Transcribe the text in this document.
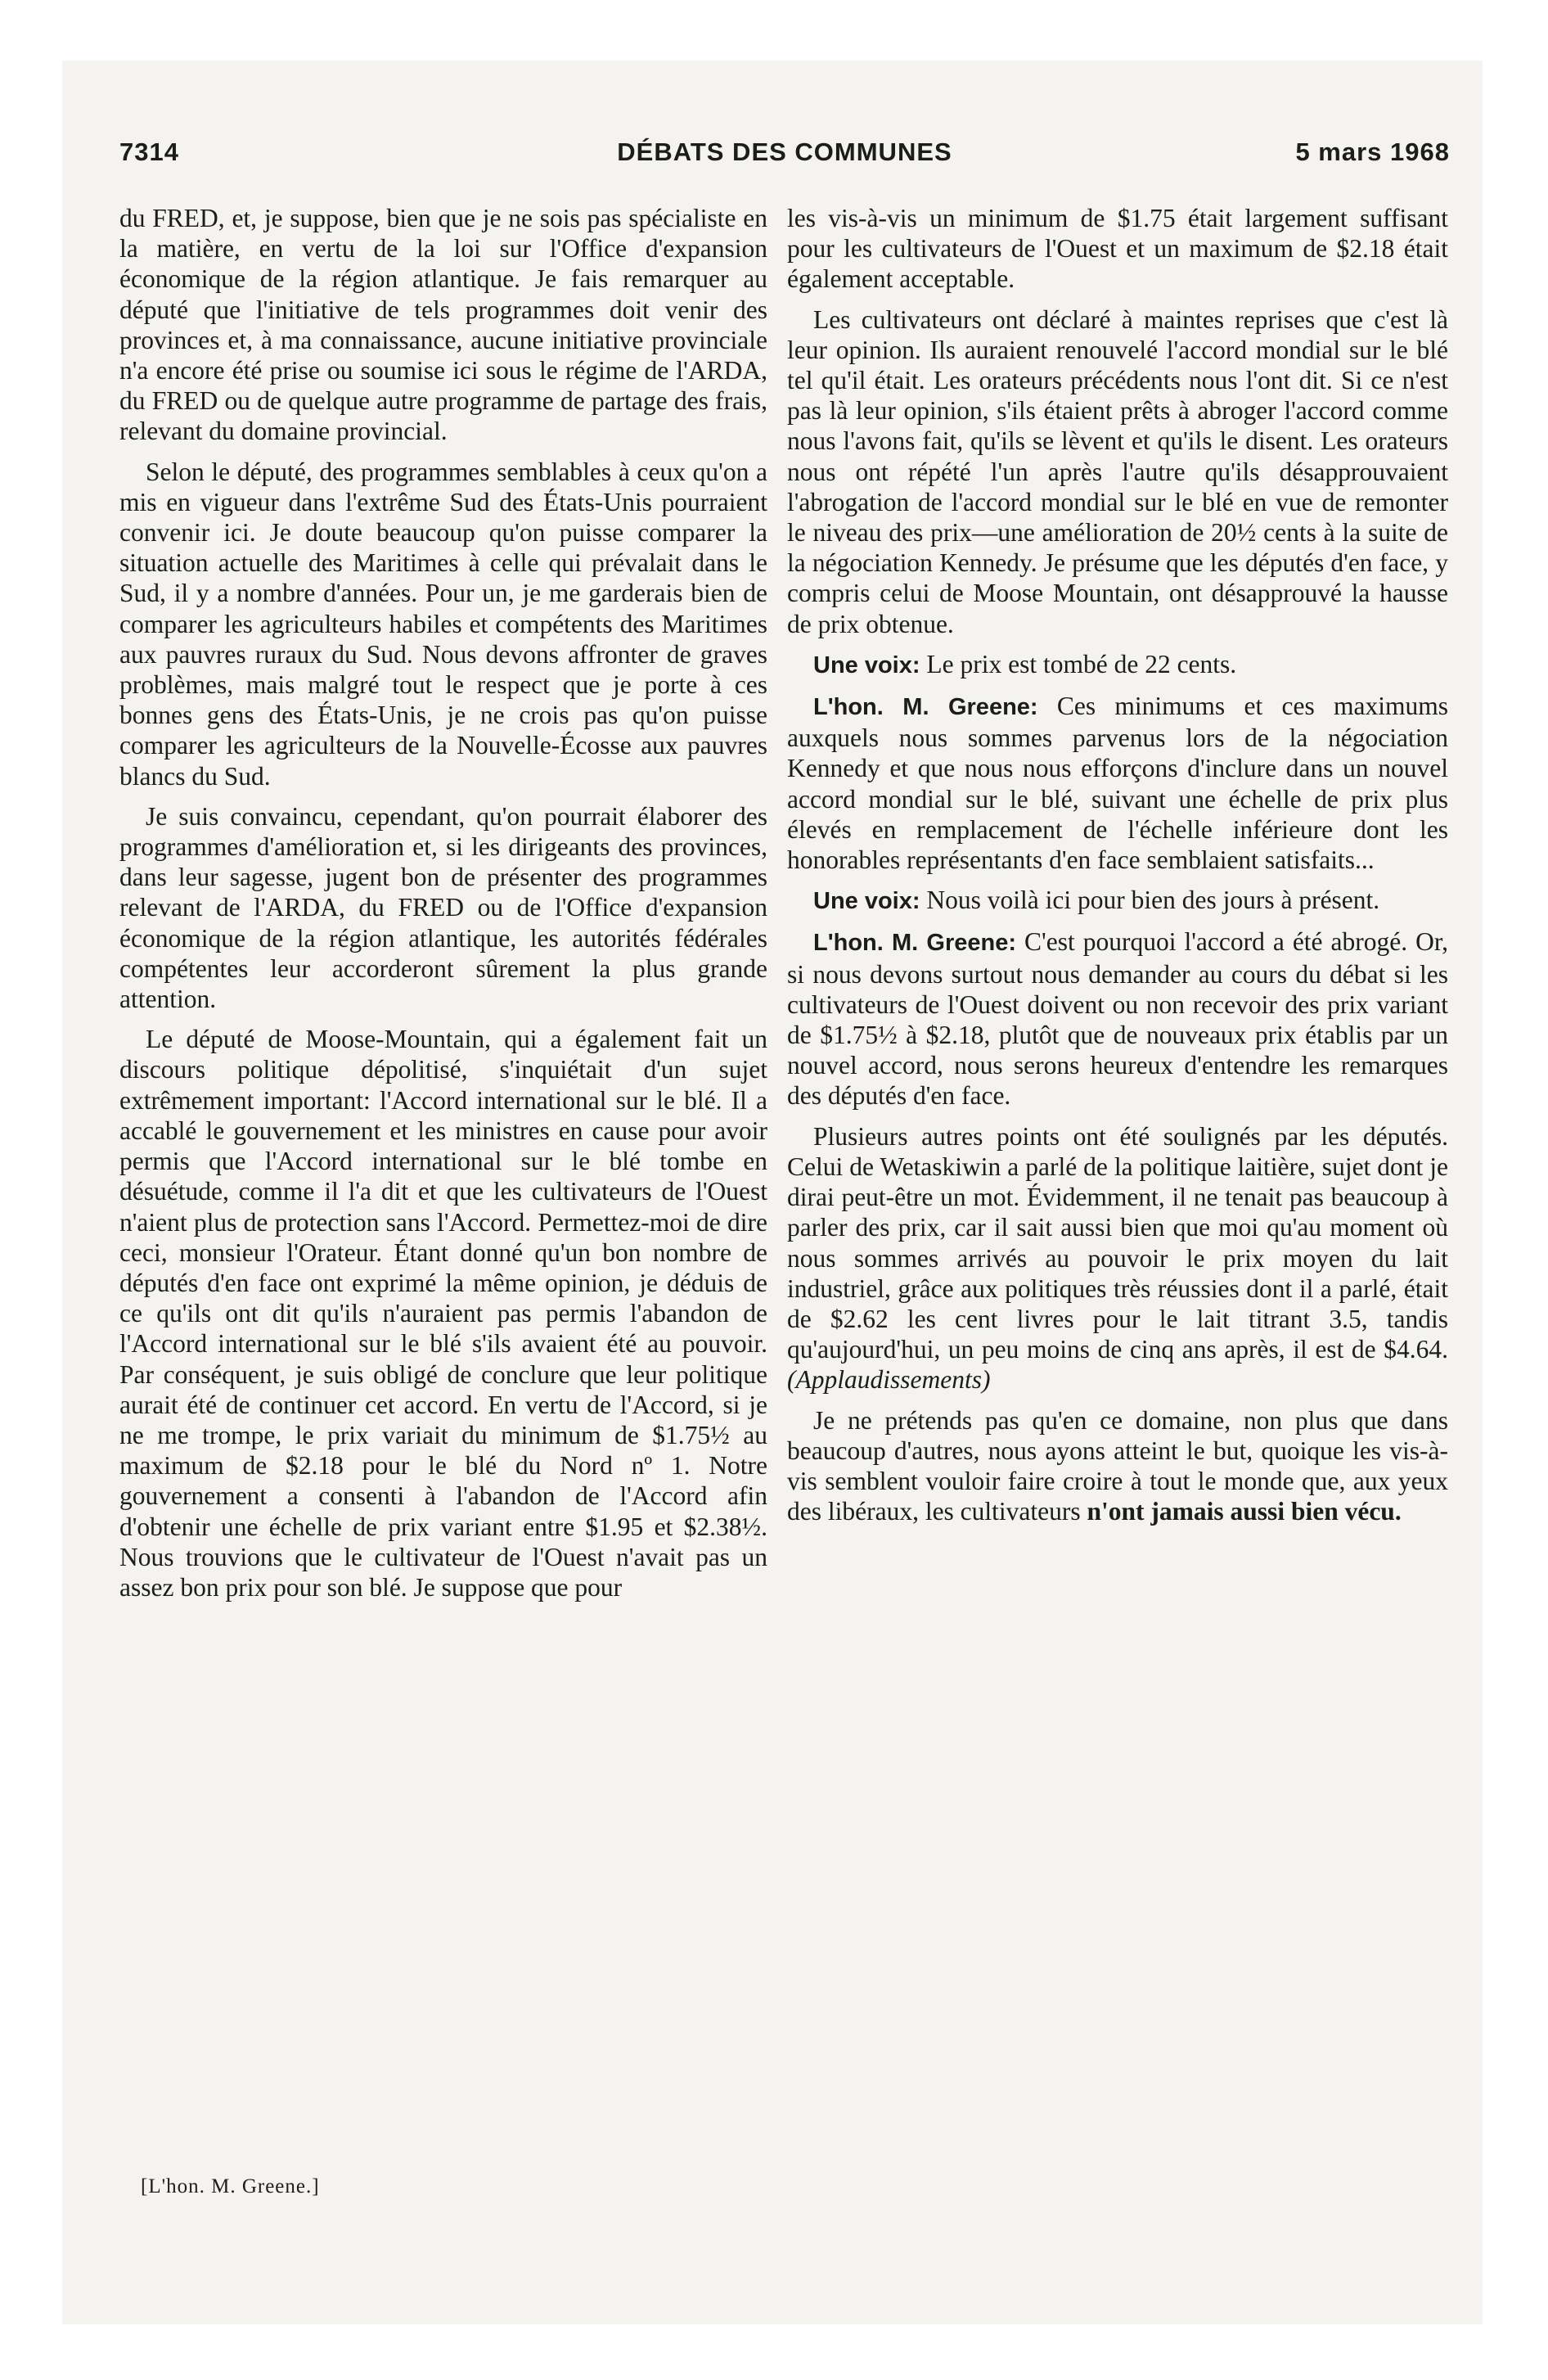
7314	DÉBATS DES COMMUNES	5 mars 1968

du FRED, et, je suppose, bien que je ne sois pas spécialiste en la matière, en vertu de la loi sur l'Office d'expansion économique de la région atlantique. Je fais remarquer au député que l'initiative de tels programmes doit venir des provinces et, à ma connaissance, aucune initiative provinciale n'a encore été prise ou soumise ici sous le régime de l'ARDA, du FRED ou de quelque autre programme de partage des frais, relevant du domaine provincial.

Selon le député, des programmes semblables à ceux qu'on a mis en vigueur dans l'extrême Sud des États-Unis pourraient convenir ici. Je doute beaucoup qu'on puisse comparer la situation actuelle des Maritimes à celle qui prévalait dans le Sud, il y a nombre d'années. Pour un, je me garderais bien de comparer les agriculteurs habiles et compétents des Maritimes aux pauvres ruraux du Sud. Nous devons affronter de graves problèmes, mais malgré tout le respect que je porte à ces bonnes gens des États-Unis, je ne crois pas qu'on puisse comparer les agriculteurs de la Nouvelle-Écosse aux pauvres blancs du Sud.

Je suis convaincu, cependant, qu'on pourrait élaborer des programmes d'amélioration et, si les dirigeants des provinces, dans leur sagesse, jugent bon de présenter des programmes relevant de l'ARDA, du FRED ou de l'Office d'expansion économique de la région atlantique, les autorités fédérales compétentes leur accorderont sûrement la plus grande attention.

Le député de Moose-Mountain, qui a également fait un discours politique dépolitisé, s'inquiétait d'un sujet extrêmement important: l'Accord international sur le blé. Il a accablé le gouvernement et les ministres en cause pour avoir permis que l'Accord international sur le blé tombe en désuétude, comme il l'a dit et que les cultivateurs de l'Ouest n'aient plus de protection sans l'Accord. Permettez-moi de dire ceci, monsieur l'Orateur. Étant donné qu'un bon nombre de députés d'en face ont exprimé la même opinion, je déduis de ce qu'ils ont dit qu'ils n'auraient pas permis l'abandon de l'Accord international sur le blé s'ils avaient été au pouvoir. Par conséquent, je suis obligé de conclure que leur politique aurait été de continuer cet accord. En vertu de l'Accord, si je ne me trompe, le prix variait du minimum de $1.75½ au maximum de $2.18 pour le blé du Nord nº 1. Notre gouvernement a consenti à l'abandon de l'Accord afin d'obtenir une échelle de prix variant entre $1.95 et $2.38½. Nous trouvions que le cultivateur de l'Ouest n'avait pas un assez bon prix pour son blé. Je suppose que pour

[L'hon. M. Greene.]

les vis-à-vis un minimum de $1.75 était largement suffisant pour les cultivateurs de l'Ouest et un maximum de $2.18 était également acceptable.

Les cultivateurs ont déclaré à maintes reprises que c'est là leur opinion. Ils auraient renouvelé l'accord mondial sur le blé tel qu'il était. Les orateurs précédents nous l'ont dit. Si ce n'est pas là leur opinion, s'ils étaient prêts à abroger l'accord comme nous l'avons fait, qu'ils se lèvent et qu'ils le disent. Les orateurs nous ont répété l'un après l'autre qu'ils désapprouvaient l'abrogation de l'accord mondial sur le blé en vue de remonter le niveau des prix—une amélioration de 20½ cents à la suite de la négociation Kennedy. Je présume que les députés d'en face, y compris celui de Moose Mountain, ont désapprouvé la hausse de prix obtenue.

Une voix: Le prix est tombé de 22 cents.

L'hon. M. Greene: Ces minimums et ces maximums auxquels nous sommes parvenus lors de la négociation Kennedy et que nous nous efforçons d'inclure dans un nouvel accord mondial sur le blé, suivant une échelle de prix plus élevés en remplacement de l'échelle inférieure dont les honorables représentants d'en face semblaient satisfaits...

Une voix: Nous voilà ici pour bien des jours à présent.

L'hon. M. Greene: C'est pourquoi l'accord a été abrogé. Or, si nous devons surtout nous demander au cours du débat si les cultivateurs de l'Ouest doivent ou non recevoir des prix variant de $1.75½ à $2.18, plutôt que de nouveaux prix établis par un nouvel accord, nous serons heureux d'entendre les remarques des députés d'en face.

Plusieurs autres points ont été soulignés par les députés. Celui de Wetaskiwin a parlé de la politique laitière, sujet dont je dirai peut-être un mot. Évidemment, il ne tenait pas beaucoup à parler des prix, car il sait aussi bien que moi qu'au moment où nous sommes arrivés au pouvoir le prix moyen du lait industriel, grâce aux politiques très réussies dont il a parlé, était de $2.62 les cent livres pour le lait titrant 3.5, tandis qu'aujourd'hui, un peu moins de cinq ans après, il est de $4.64. (Applaudissements)

Je ne prétends pas qu'en ce domaine, non plus que dans beaucoup d'autres, nous ayons atteint le but, quoique les vis-à-vis semblent vouloir faire croire à tout le monde que, aux yeux des libéraux, les cultivateurs n'ont jamais aussi bien vécu.
